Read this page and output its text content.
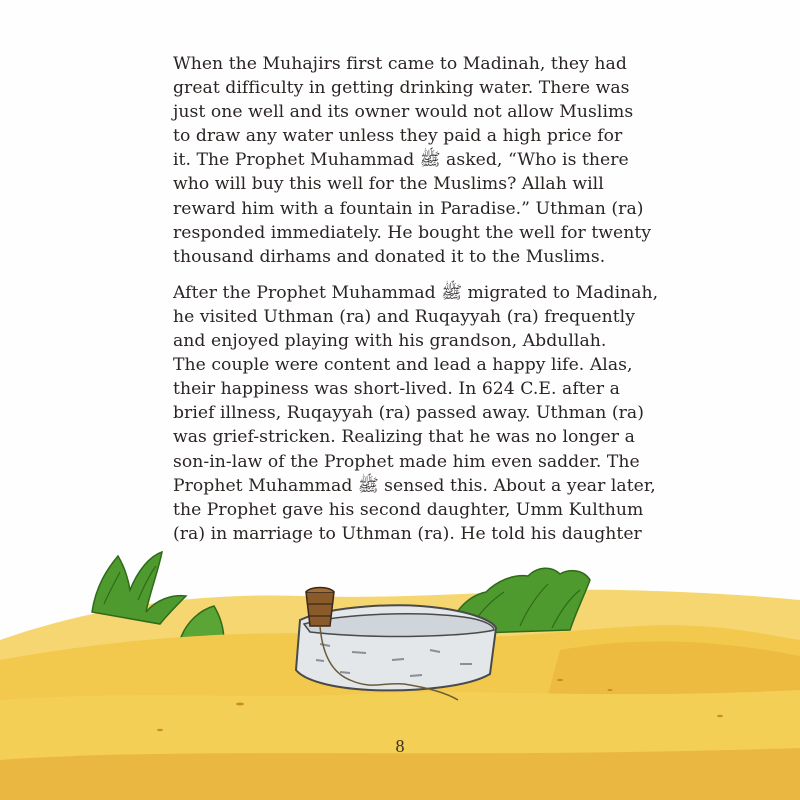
When the Muhajirs first came to Madinah, they had
great difficulty in getting drinking water. There was
just one well and its owner would not allow Muslims
to draw any water unless they paid a high price for
it. The Prophet Muhammad ﷺ asked, “Who is there
who will buy this well for the Muslims? Allah will
reward him with a fountain in Paradise.” Uthman (ra)
responded immediately. He bought the well for twenty
thousand dirhams and donated it to the Muslims.

After the Prophet Muhammad ﷺ migrated to Madinah,
he visited Uthman (ra) and Ruqayyah (ra) frequently
and enjoyed playing with his grandson, Abdullah.
The couple were content and lead a happy life. Alas,
their happiness was short-lived. In 624 C.E. after a
brief illness, Ruqayyah (ra) passed away. Uthman (ra)
was grief-stricken. Realizing that he was no longer a
son-in-law of the Prophet made him even sadder. The
Prophet Muhammad ﷺ sensed this. About a year later,
the Prophet gave his second daughter, Umm Kulthum
(ra) in marriage to Uthman (ra). He told his daughter

8
